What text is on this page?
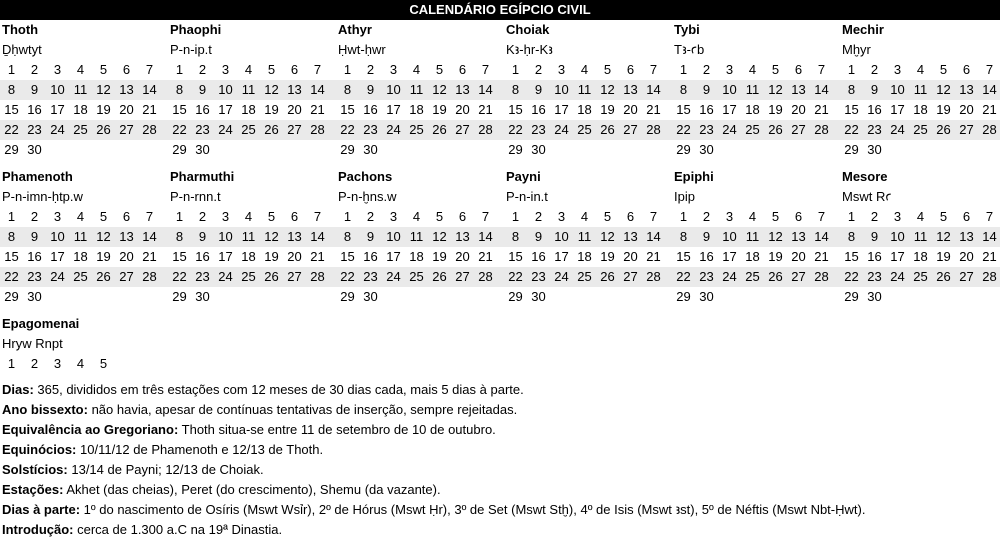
CALENDÁRIO EGÍPCIO CIVIL
Thoth
Ḏḥwtyt
1	2	3	4	5	6	7
8	9 10 11 12 13 14
15 16 17 18 19 20 21
22 23 24 25 26 27 28
29 30
Phaophi
P-n-ip.t
1	2	3	4	5	6	7
8	9 10 11 12 13 14
15 16 17 18 19 20 21
22 23 24 25 26 27 28
29 30
Athyr
Ḥwt-ḥwr
1	2	3	4	5	6	7
8	9 10 11 12 13 14
15 16 17 18 19 20 21
22 23 24 25 26 27 28
29 30
Choiak
Kꜣ-ḥr-Kꜣ
1	2	3	4	5	6	7
8	9 10 11 12 13 14
15 16 17 18 19 20 21
22 23 24 25 26 27 28
29 30
Tybi
Tꜣ-ꜥb
1	2	3	4	5	6	7
8	9 10 11 12 13 14
15 16 17 18 19 20 21
22 23 24 25 26 27 28
29 30
Mechir
Mḫyr
1	2	3	4	5	6	7
8	9 10 11 12 13 14
15 16 17 18 19 20 21
22 23 24 25 26 27 28
29 30
Phamenoth
P-n-imn-ḥtp.w
1	2	3	4	5	6	7
8	9 10 11 12 13 14
15 16 17 18 19 20 21
22 23 24 25 26 27 28
29 30
Pharmuthi
P-n-rnn.t
1	2	3	4	5	6	7
8	9 10 11 12 13 14
15 16 17 18 19 20 21
22 23 24 25 26 27 28
29 30
Pachons
P-n-ḫns.w
1	2	3	4	5	6	7
8	9 10 11 12 13 14
15 16 17 18 19 20 21
22 23 24 25 26 27 28
29 30
Payni
P-n-in.t
1	2	3	4	5	6	7
8	9 10 11 12 13 14
15 16 17 18 19 20 21
22 23 24 25 26 27 28
29 30
Epiphi
Ipip
1	2	3	4	5	6	7
8	9 10 11 12 13 14
15 16 17 18 19 20 21
22 23 24 25 26 27 28
29 30
Mesore
Mswt Rꜥ
1	2	3	4	5	6	7
8	9 10 11 12 13 14
15 16 17 18 19 20 21
22 23 24 25 26 27 28
29 30
Epagomenai
Hryw Rnpt
1	2	3	4	5
Dias: 365, divididos em três estações com 12 meses de 30 dias cada, mais 5 dias à parte.
Ano bissexto: não havia, apesar de contínuas tentativas de inserção, sempre rejeitadas.
Equivalência ao Gregoriano: Thoth situa-se entre 11 de setembro de 10 de outubro.
Equinócios: 10/11/12 de Phamenoth e 12/13 de Thoth.
Solstícios: 13/14 de Payni; 12/13 de Choiak.
Estações: Akhet (das cheias), Peret (do crescimento), Shemu (da vazante).
Dias à parte: 1º do nascimento de Osíris (Mswt Wsỉr), 2º de Hórus (Mswt Ḥr), 3º de Set (Mswt Stḫ), 4º de Isis (Mswt ꜣst), 5º de Néftis (Mswt Nbt-Ḥwt).
Introdução: cerca de 1.300 a.C na 19ª Dinastia.
